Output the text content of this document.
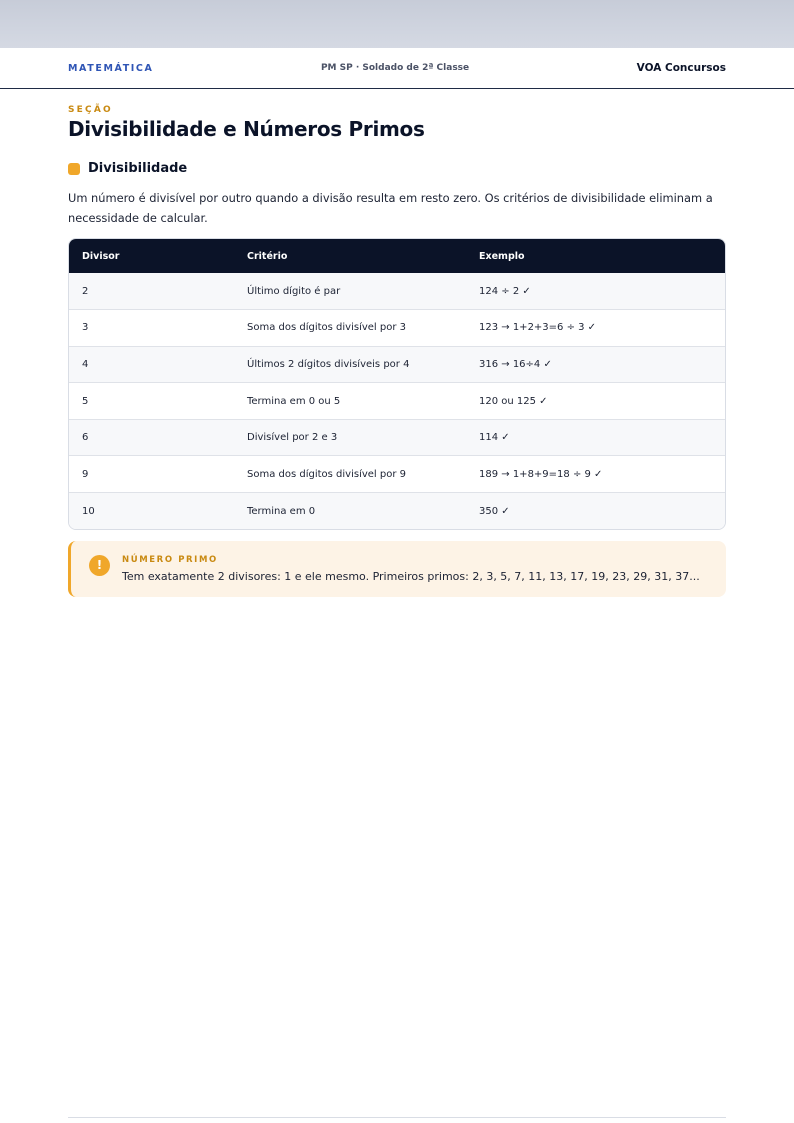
MATEMÁTICA	PM SP · Soldado de 2ª Classe	VOA Concursos
SEÇÃO
Divisibilidade e Números Primos
Divisibilidade

Um número é divisível por outro quando a divisão resulta em resto zero. Os critérios de divisibilidade eliminam a necessidade de calcular.

Divisor	Critério	Exemplo
2	Último dígito é par	124 ÷ 2 ✓
3	Soma dos dígitos divisível por 3	123 → 1+2+3=6 ÷ 3 ✓
4	Últimos 2 dígitos divisíveis por 4	316 → 16÷4 ✓
5	Termina em 0 ou 5	120 ou 125 ✓
6	Divisível por 2 e 3	114 ✓
9	Soma dos dígitos divisível por 9	189 → 1+8+9=18 ÷ 9 ✓
10	Termina em 0	350 ✓
!	NÚMERO PRIMO
Tem exatamente 2 divisores: 1 e ele mesmo. Primeiros primos: 2, 3, 5, 7, 11, 13, 17, 19, 23, 29, 31, 37...
